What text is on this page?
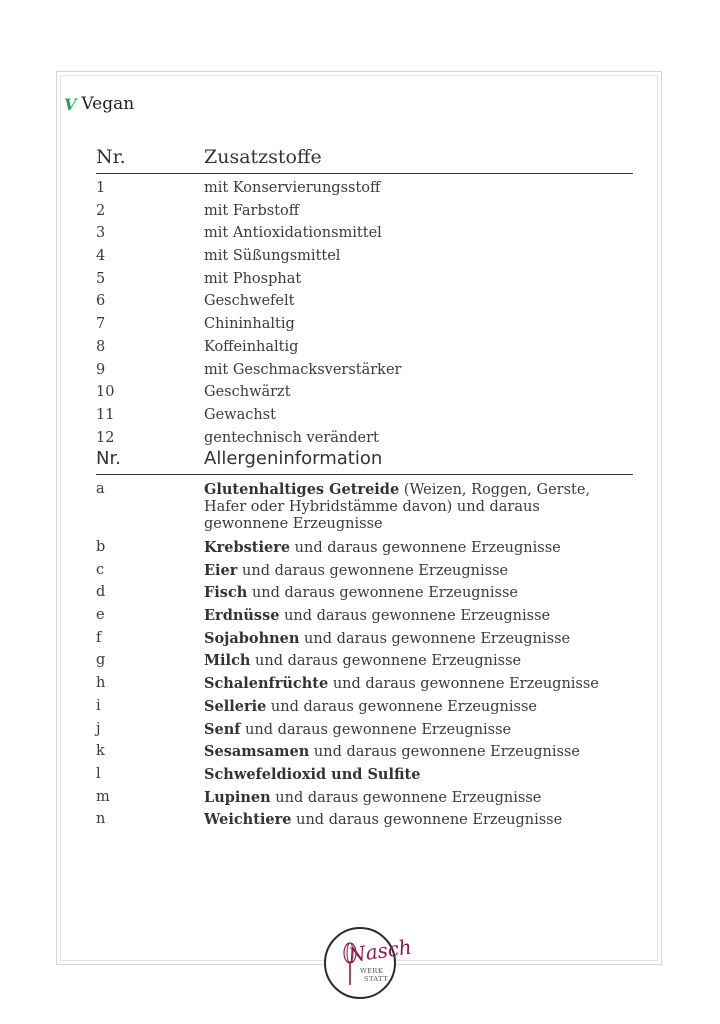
V Vegan
Nr.	Zusatzstoffe
1	mit Konservierungsstoff
2	mit Farbstoff
3	mit Antioxidationsmittel
4	mit Süßungsmittel
5	mit Phosphat
6	Geschwefelt
7	Chininhaltig
8	Koffeinhaltig
9	mit Geschmacksverstärker
10	Geschwärzt
11	Gewachst
12	gentechnisch verändert
Nr.	Allergeninformation
a	Glutenhaltiges Getreide (Weizen, Roggen, Gerste, Hafer oder Hybridstämme davon) und daraus gewonnene Erzeugnisse
b	Krebstiere und daraus gewonnene Erzeugnisse
c	Eier und daraus gewonnene Erzeugnisse
d	Fisch und daraus gewonnene Erzeugnisse
e	Erdnüsse und daraus gewonnene Erzeugnisse
f	Sojabohnen und daraus gewonnene Erzeugnisse
g	Milch und daraus gewonnene Erzeugnisse
h	Schalenfrüchte und daraus gewonnene Erzeugnisse
i	Sellerie und daraus gewonnene Erzeugnisse
j	Senf und daraus gewonnene Erzeugnisse
k	Sesamsamen und daraus gewonnene Erzeugnisse
l	Schwefeldioxid und Sulfite
m	Lupinen und daraus gewonnene Erzeugnisse
n	Weichtiere und daraus gewonnene Erzeugnisse
Nasch
WERK
STATT
